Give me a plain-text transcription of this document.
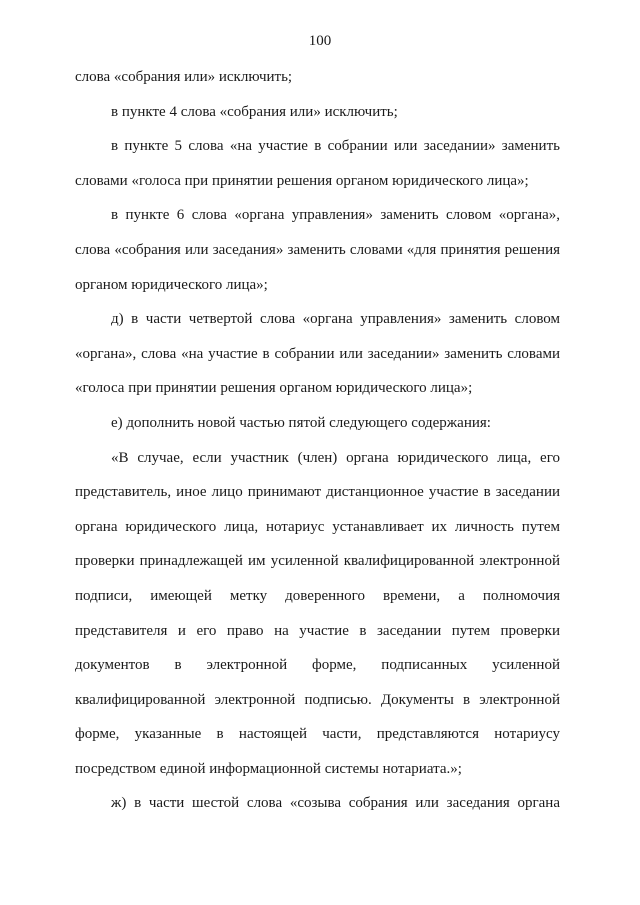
100

слова «собрания или» исключить;

в пункте 4 слова «собрания или» исключить;

в пункте 5 слова «на участие в собрании или заседании» заменить словами «голоса при принятии решения органом юридического лица»;

в пункте 6 слова «органа управления» заменить словом «органа», слова «собрания или заседания» заменить словами «для принятия решения органом юридического лица»;

д) в части четвертой слова «органа управления» заменить словом «органа», слова «на участие в собрании или заседании» заменить словами «голоса при принятии решения органом юридического лица»;

е) дополнить новой частью пятой следующего содержания:

«В случае, если участник (член) органа юридического лица, его представитель, иное лицо принимают дистанционное участие в заседании органа юридического лица, нотариус устанавливает их личность путем проверки принадлежащей им усиленной квалифицированной электронной подписи, имеющей метку доверенного времени, а полномочия представителя и его право на участие в заседании путем проверки документов в электронной форме, подписанных усиленной квалифицированной электронной подписью. Документы в электронной форме, указанные в настоящей части, представляются нотариусу посредством единой информационной системы нотариата.»;

ж) в части шестой слова «созыва собрания или заседания органа
